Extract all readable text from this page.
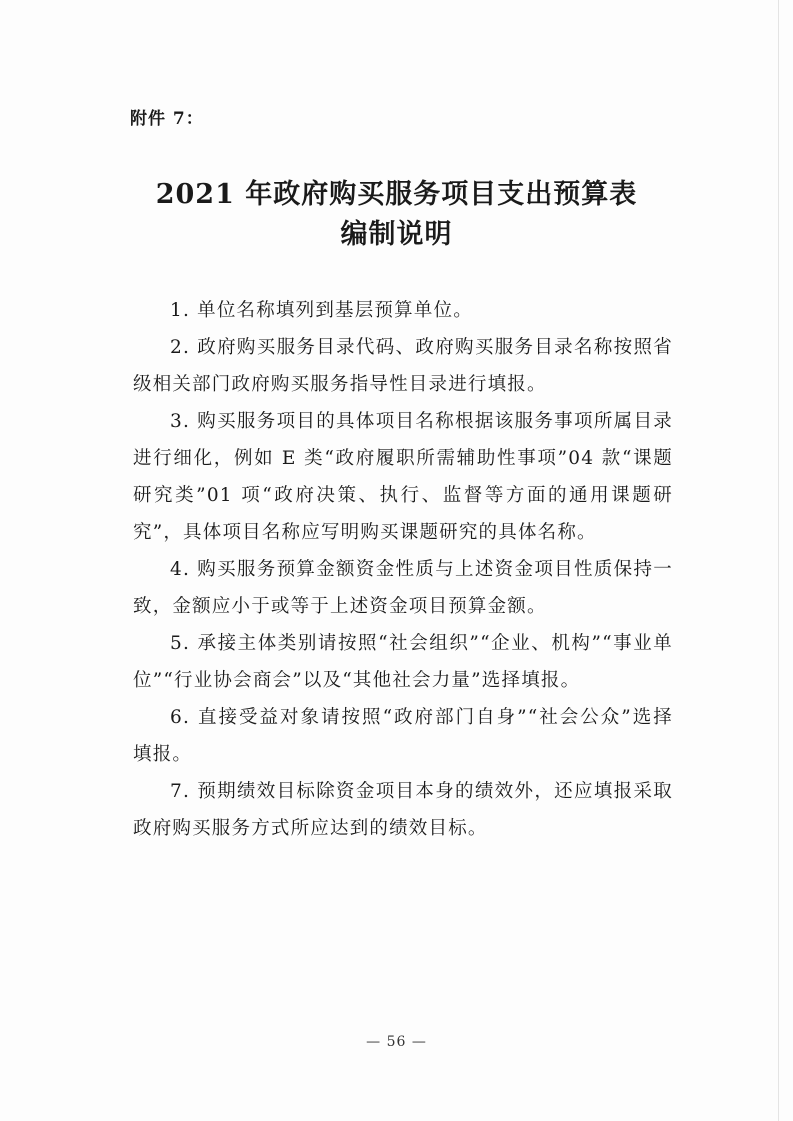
附件 7：
2021 年政府购买服务项目支出预算表
编制说明

1. 单位名称填列到基层预算单位。

2. 政府购买服务目录代码、政府购买服务目录名称按照省级相关部门政府购买服务指导性目录进行填报。

3. 购买服务项目的具体项目名称根据该服务事项所属目录进行细化，例如 E 类“政府履职所需辅助性事项”04 款“课题研究类”01 项“政府决策、执行、监督等方面的通用课题研究”，具体项目名称应写明购买课题研究的具体名称。

4. 购买服务预算金额资金性质与上述资金项目性质保持一致，金额应小于或等于上述资金项目预算金额。

5. 承接主体类别请按照“社会组织”“企业、机构”“事业单位”“行业协会商会”以及“其他社会力量”选择填报。

6. 直接受益对象请按照“政府部门自身”“社会公众”选择填报。

7. 预期绩效目标除资金项目本身的绩效外，还应填报采取政府购买服务方式所应达到的绩效目标。

— 56 —
